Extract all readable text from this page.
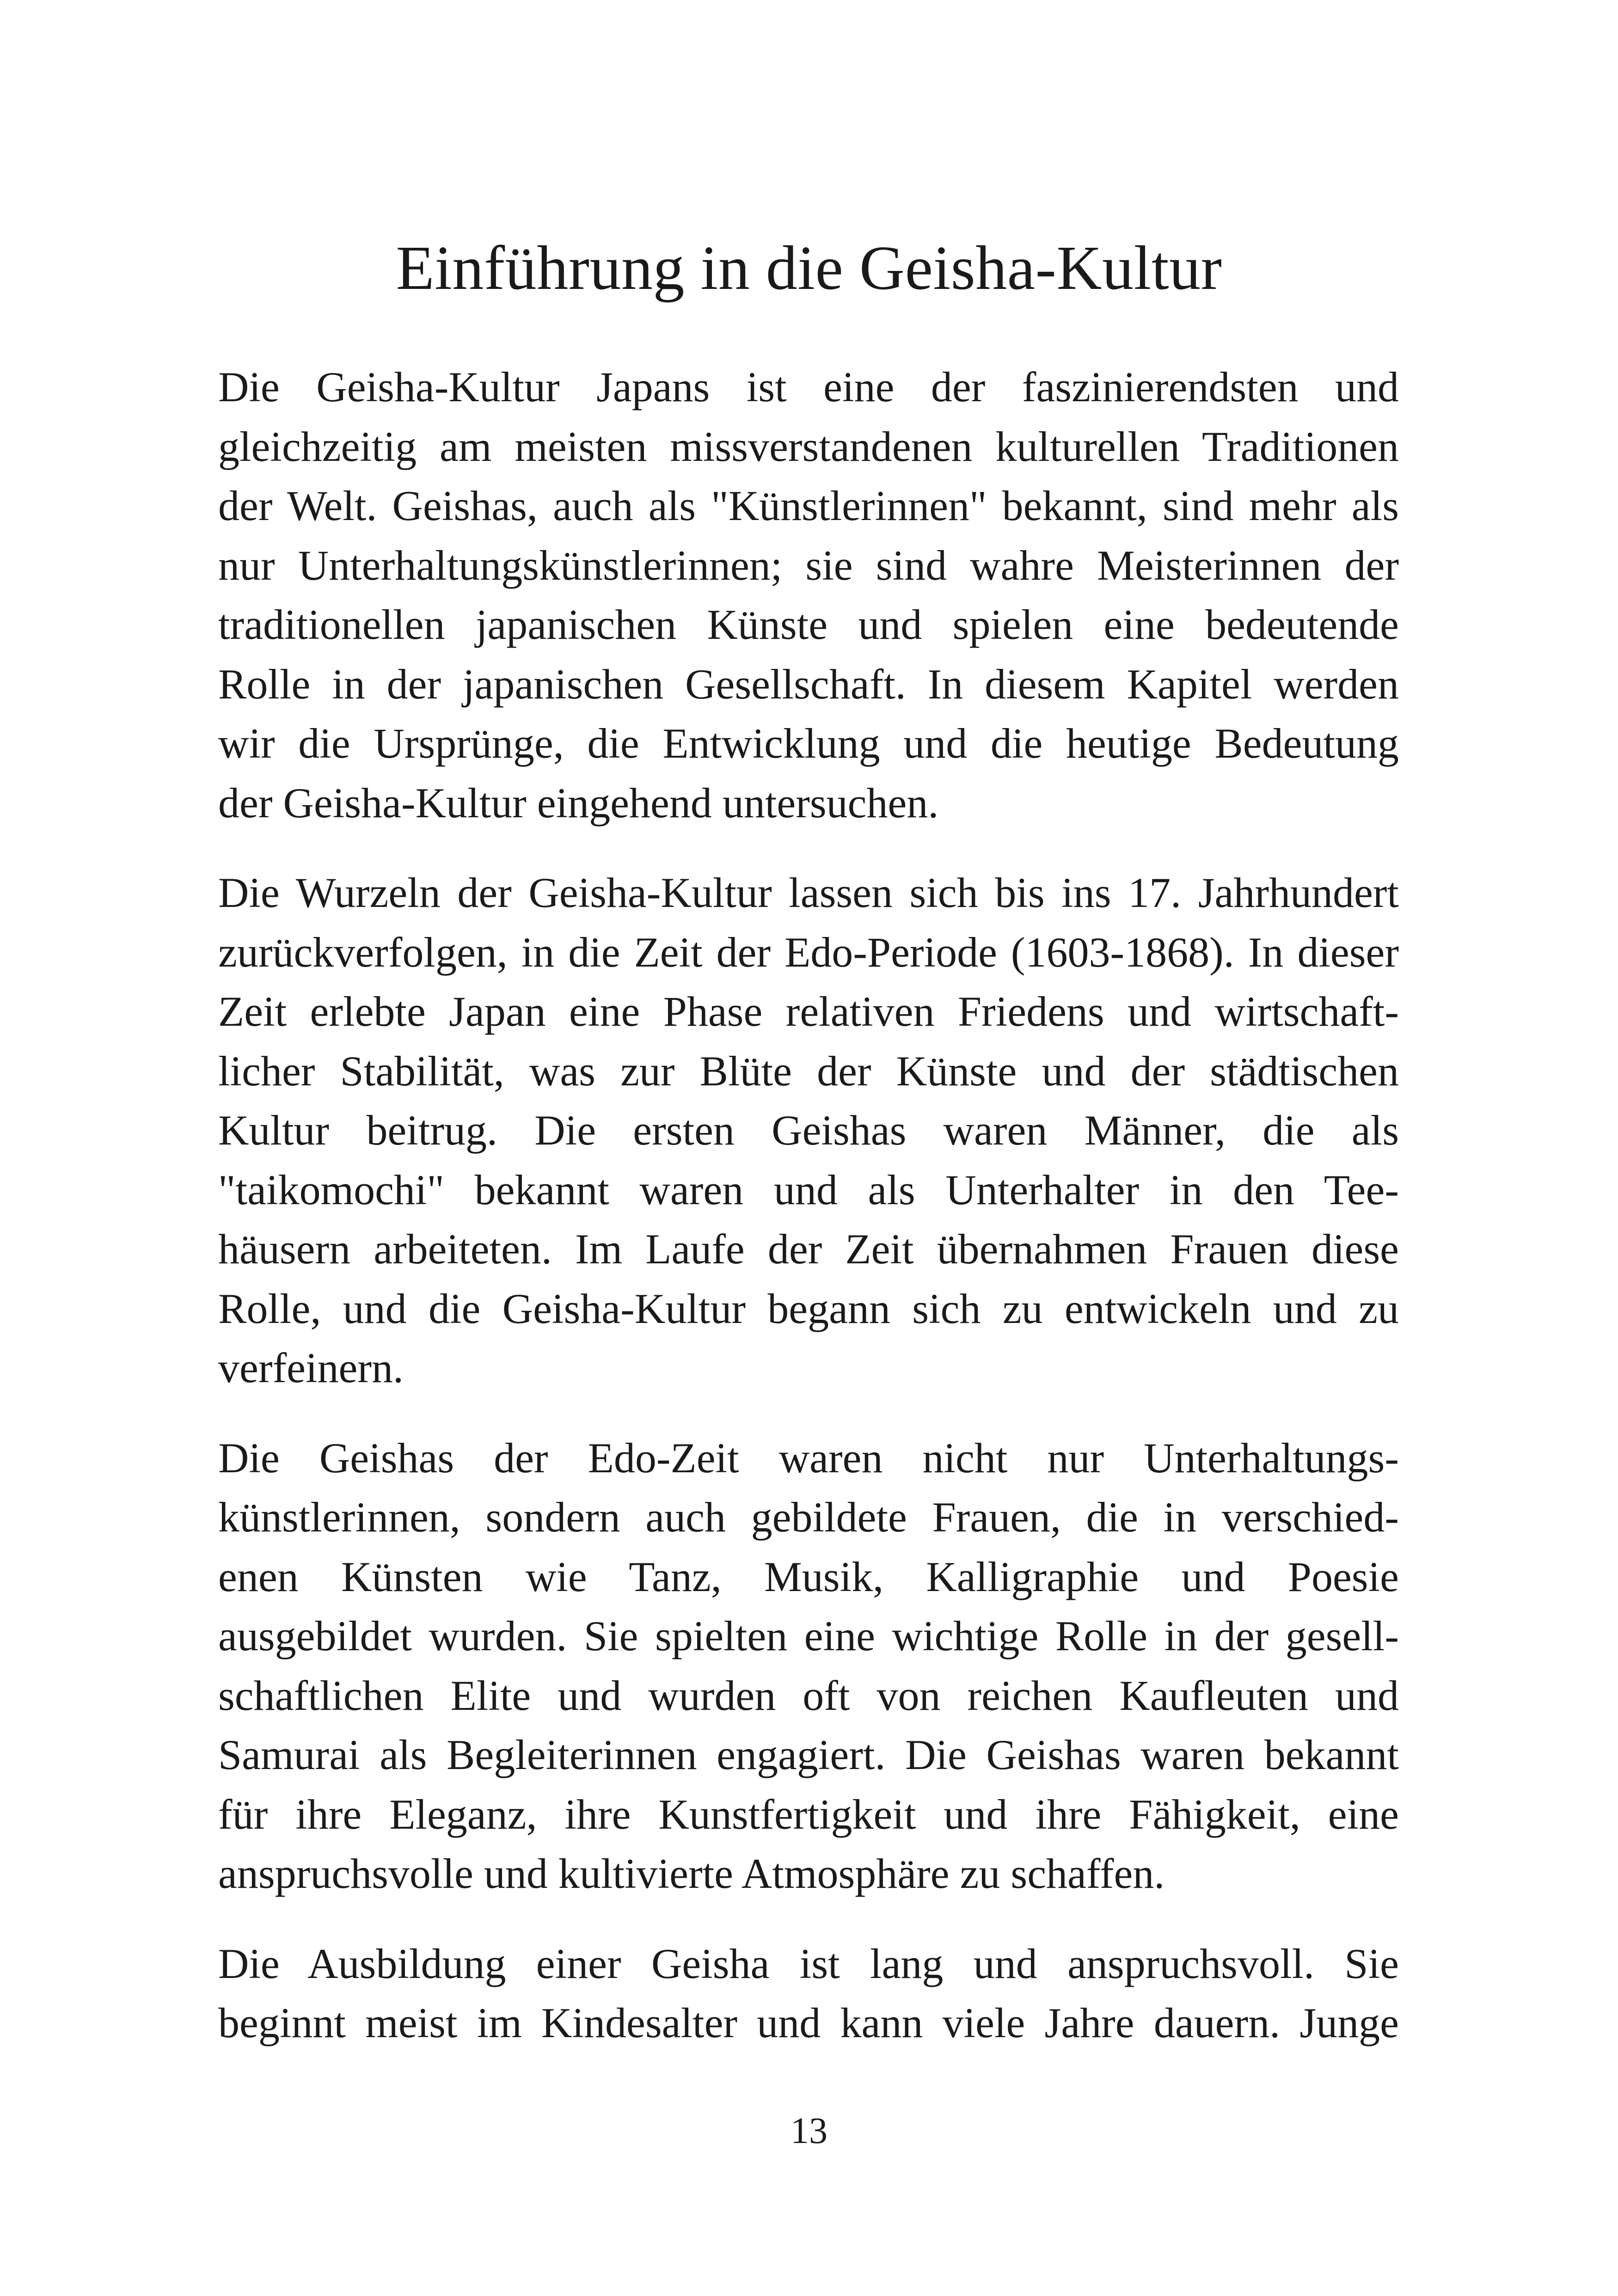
Einführung in die Geisha-Kultur

Die Geisha-Kultur Japans ist eine der faszinierendsten und
gleichzeitig am meisten missverstandenen kulturellen Traditionen
der Welt. Geishas, auch als "Künstlerinnen" bekannt, sind mehr als
nur Unterhaltungskünstlerinnen; sie sind wahre Meisterinnen der
traditionellen japanischen Künste und spielen eine bedeutende
Rolle in der japanischen Gesellschaft. In diesem Kapitel werden
wir die Ursprünge, die Entwicklung und die heutige Bedeutung
der Geisha-Kultur eingehend untersuchen.

Die Wurzeln der Geisha-Kultur lassen sich bis ins 17. Jahrhundert
zurückverfolgen, in die Zeit der Edo-Periode (1603-1868). In dieser
Zeit erlebte Japan eine Phase relativen Friedens und wirtschaft-
licher Stabilität, was zur Blüte der Künste und der städtischen
Kultur beitrug. Die ersten Geishas waren Männer, die als
"taikomochi" bekannt waren und als Unterhalter in den Tee-
häusern arbeiteten. Im Laufe der Zeit übernahmen Frauen diese
Rolle, und die Geisha-Kultur begann sich zu entwickeln und zu
verfeinern.

Die Geishas der Edo-Zeit waren nicht nur Unterhaltungs-
künstlerinnen, sondern auch gebildete Frauen, die in verschied-
enen Künsten wie Tanz, Musik, Kalligraphie und Poesie
ausgebildet wurden. Sie spielten eine wichtige Rolle in der gesell-
schaftlichen Elite und wurden oft von reichen Kaufleuten und
Samurai als Begleiterinnen engagiert. Die Geishas waren bekannt
für ihre Eleganz, ihre Kunstfertigkeit und ihre Fähigkeit, eine
anspruchsvolle und kultivierte Atmosphäre zu schaffen.

Die Ausbildung einer Geisha ist lang und anspruchsvoll. Sie
beginnt meist im Kindesalter und kann viele Jahre dauern. Junge

13
